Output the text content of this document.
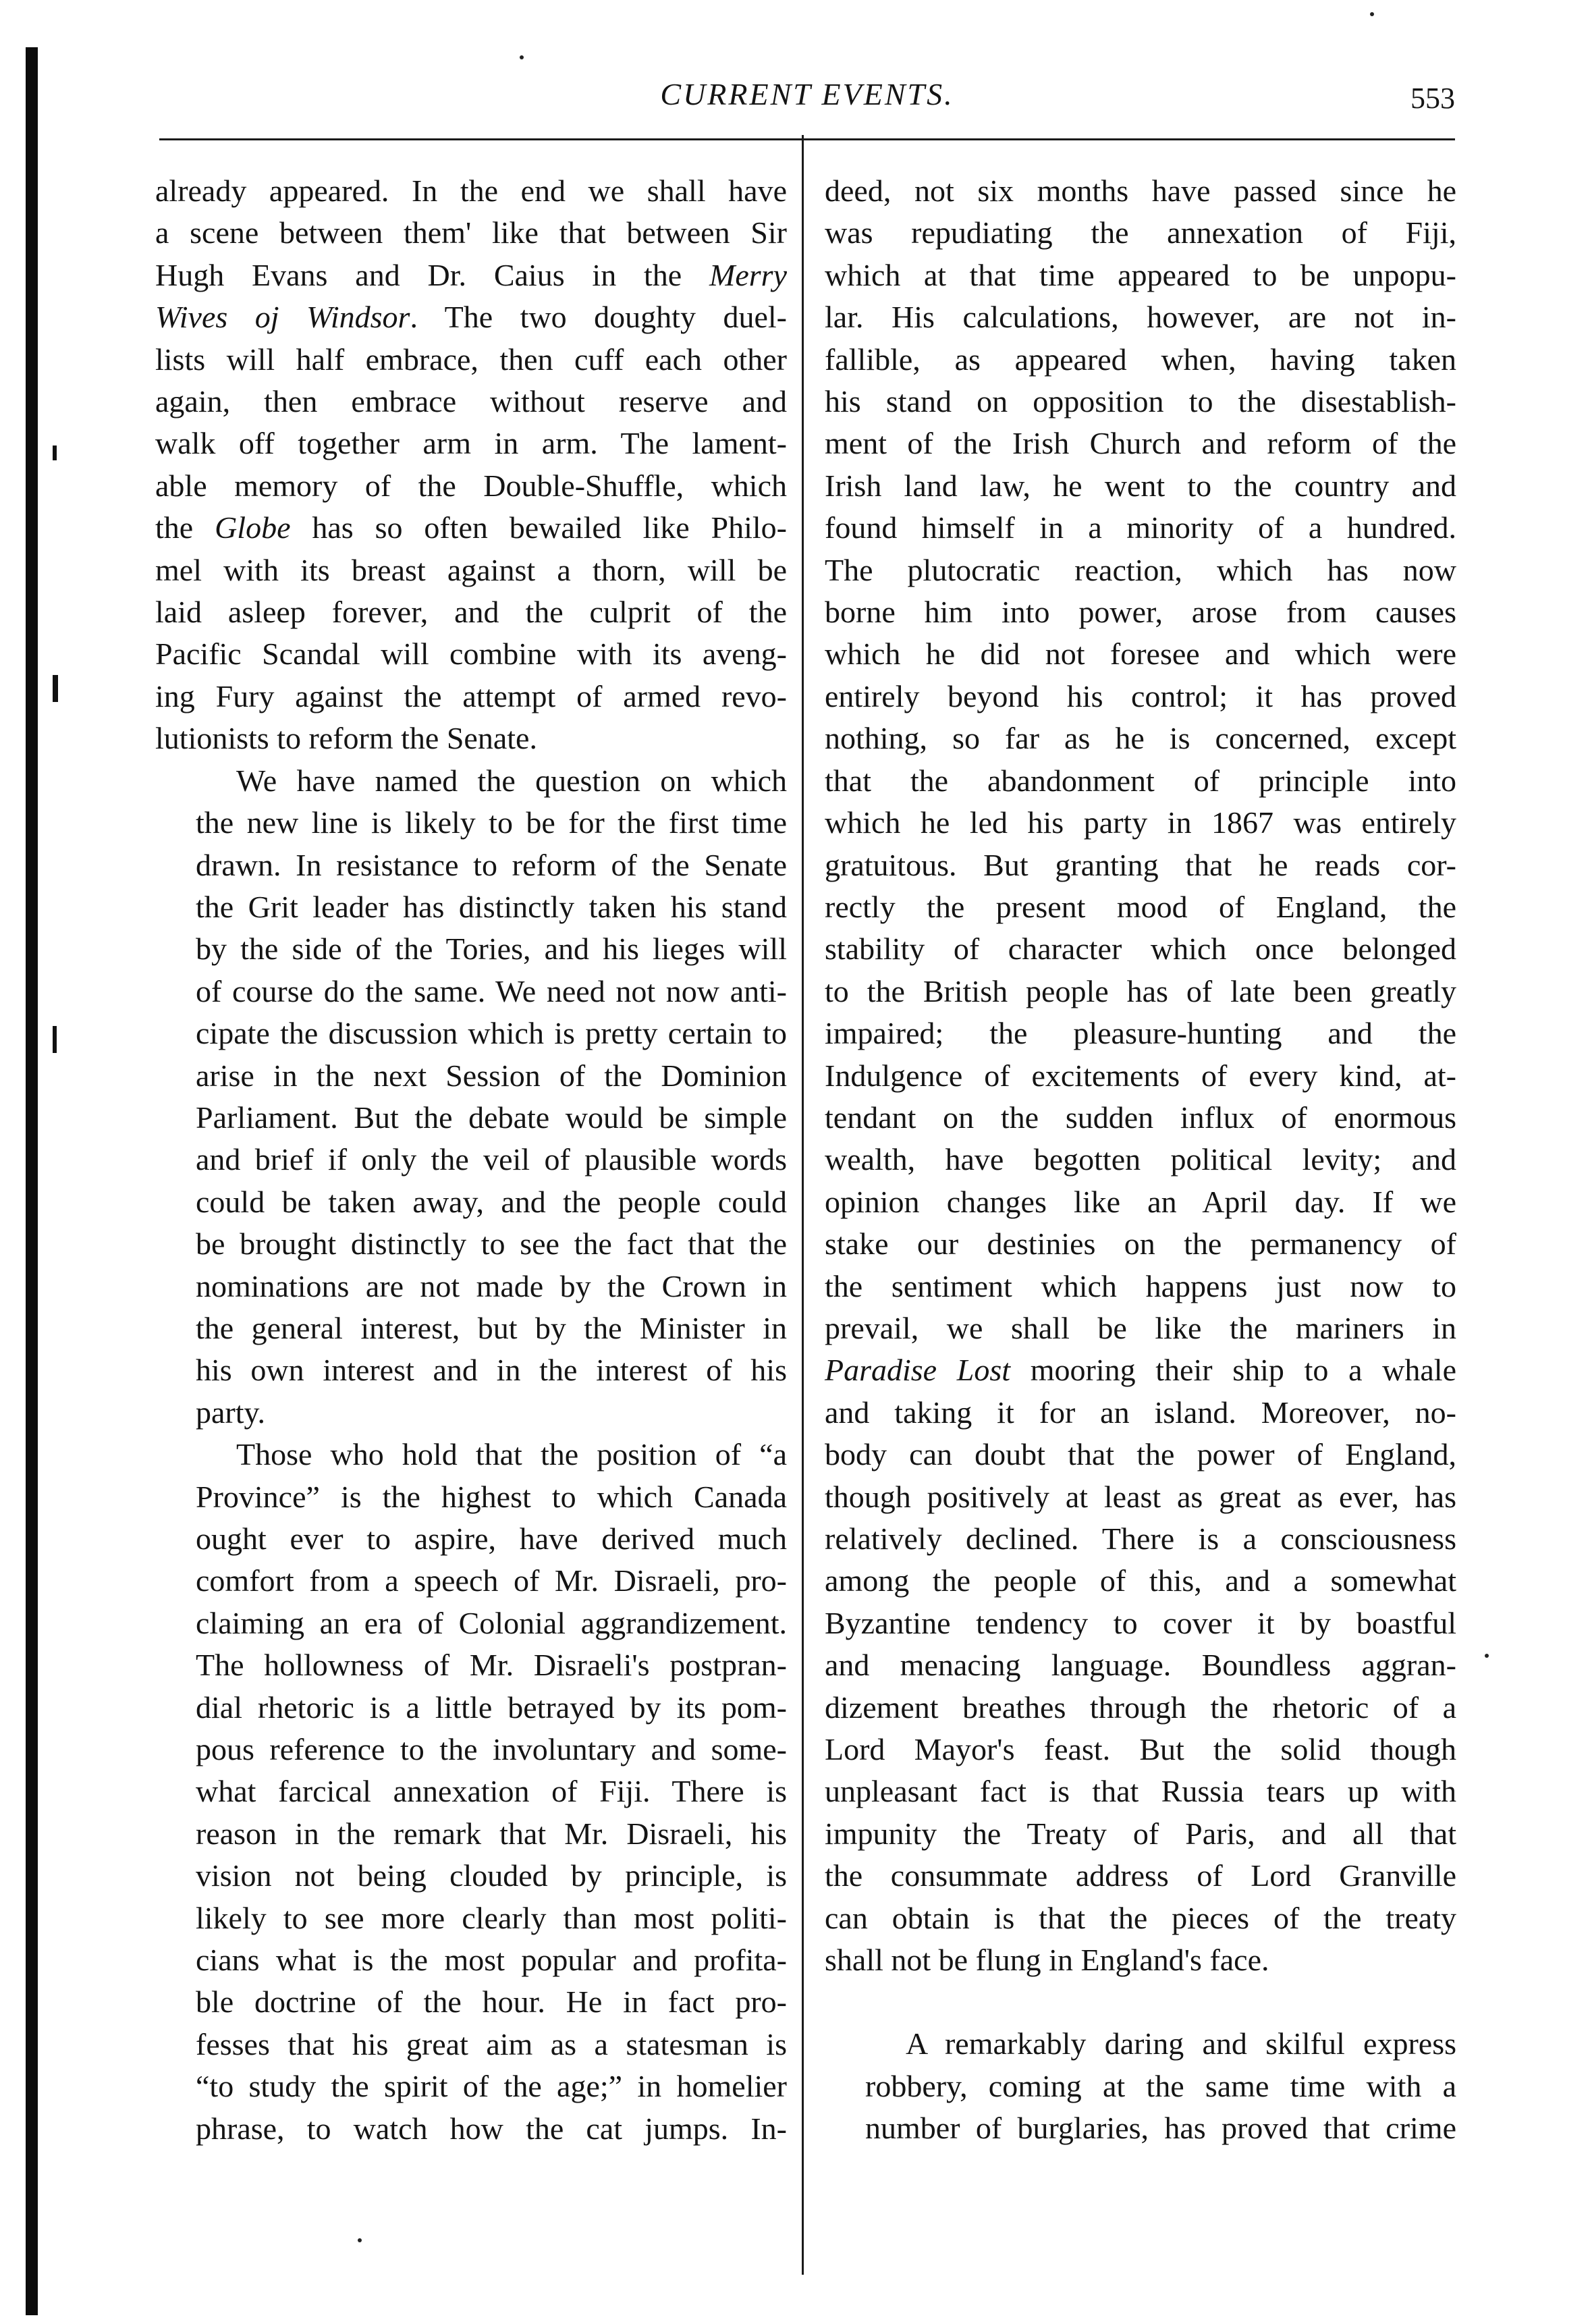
CURRENT EVENTS.	553
already appeared. In the end we shall have
a scene between them' like that between Sir
Hugh Evans and Dr. Caius in the Merry
Wives oj Windsor. The two doughty duel-
lists will half embrace, then cuff each other
again, then embrace without reserve and
walk off together arm in arm. The lament-
able memory of the Double-Shuffle, which
the Globe has so often bewailed like Philo-
mel with its breast against a thorn, will be
laid asleep forever, and the culprit of the
Pacific Scandal will combine with its aveng-
ing Fury against the attempt of armed revo-
lutionists to reform the Senate.
We have named the question on which
the new line is likely to be for the first time
drawn. In resistance to reform of the Senate
the Grit leader has distinctly taken his stand
by the side of the Tories, and his lieges will
of course do the same. We need not now anti-
cipate the discussion which is pretty certain to
arise in the next Session of the Dominion
Parliament. But the debate would be simple
and brief if only the veil of plausible words
could be taken away, and the people could
be brought distinctly to see the fact that the
nominations are not made by the Crown in
the general interest, but by the Minister in
his own interest and in the interest of his
party.
Those who hold that the position of “a
Province” is the highest to which Canada
ought ever to aspire, have derived much
comfort from a speech of Mr. Disraeli, pro-
claiming an era of Colonial aggrandizement.
The hollowness of Mr. Disraeli's postpran-
dial rhetoric is a little betrayed by its pom-
pous reference to the involuntary and some-
what farcical annexation of Fiji. There is
reason in the remark that Mr. Disraeli, his
vision not being clouded by principle, is
likely to see more clearly than most politi-
cians what is the most popular and profita-
ble doctrine of the hour. He in fact pro-
fesses that his great aim as a statesman is
“to study the spirit of the age;” in homelier
phrase, to watch how the cat jumps. In-
deed, not six months have passed since he
was repudiating the annexation of Fiji,
which at that time appeared to be unpopu-
lar. His calculations, however, are not in-
fallible, as appeared when, having taken
his stand on opposition to the disestablish-
ment of the Irish Church and reform of the
Irish land law, he went to the country and
found himself in a minority of a hundred.
The plutocratic reaction, which has now
borne him into power, arose from causes
which he did not foresee and which were
entirely beyond his control; it has proved
nothing, so far as he is concerned, except
that the abandonment of principle into
which he led his party in 1867 was entirely
gratuitous. But granting that he reads cor-
rectly the present mood of England, the
stability of character which once belonged
to the British people has of late been greatly
impaired; the pleasure-hunting and the
Indulgence of excitements of every kind, at-
tendant on the sudden influx of enormous
wealth, have begotten political levity; and
opinion changes like an April day. If we
stake our destinies on the permanency of
the sentiment which happens just now to
prevail, we shall be like the mariners in
Paradise Lost mooring their ship to a whale
and taking it for an island. Moreover, no-
body can doubt that the power of England,
though positively at least as great as ever, has
relatively declined. There is a consciousness
among the people of this, and a somewhat
Byzantine tendency to cover it by boastful
and menacing language. Boundless aggran-
dizement breathes through the rhetoric of a
Lord Mayor's feast. But the solid though
unpleasant fact is that Russia tears up with
impunity the Treaty of Paris, and all that
the consummate address of Lord Granville
can obtain is that the pieces of the treaty
shall not be flung in England's face.
A remarkably daring and skilful express
robbery, coming at the same time with a
number of burglaries, has proved that crime
